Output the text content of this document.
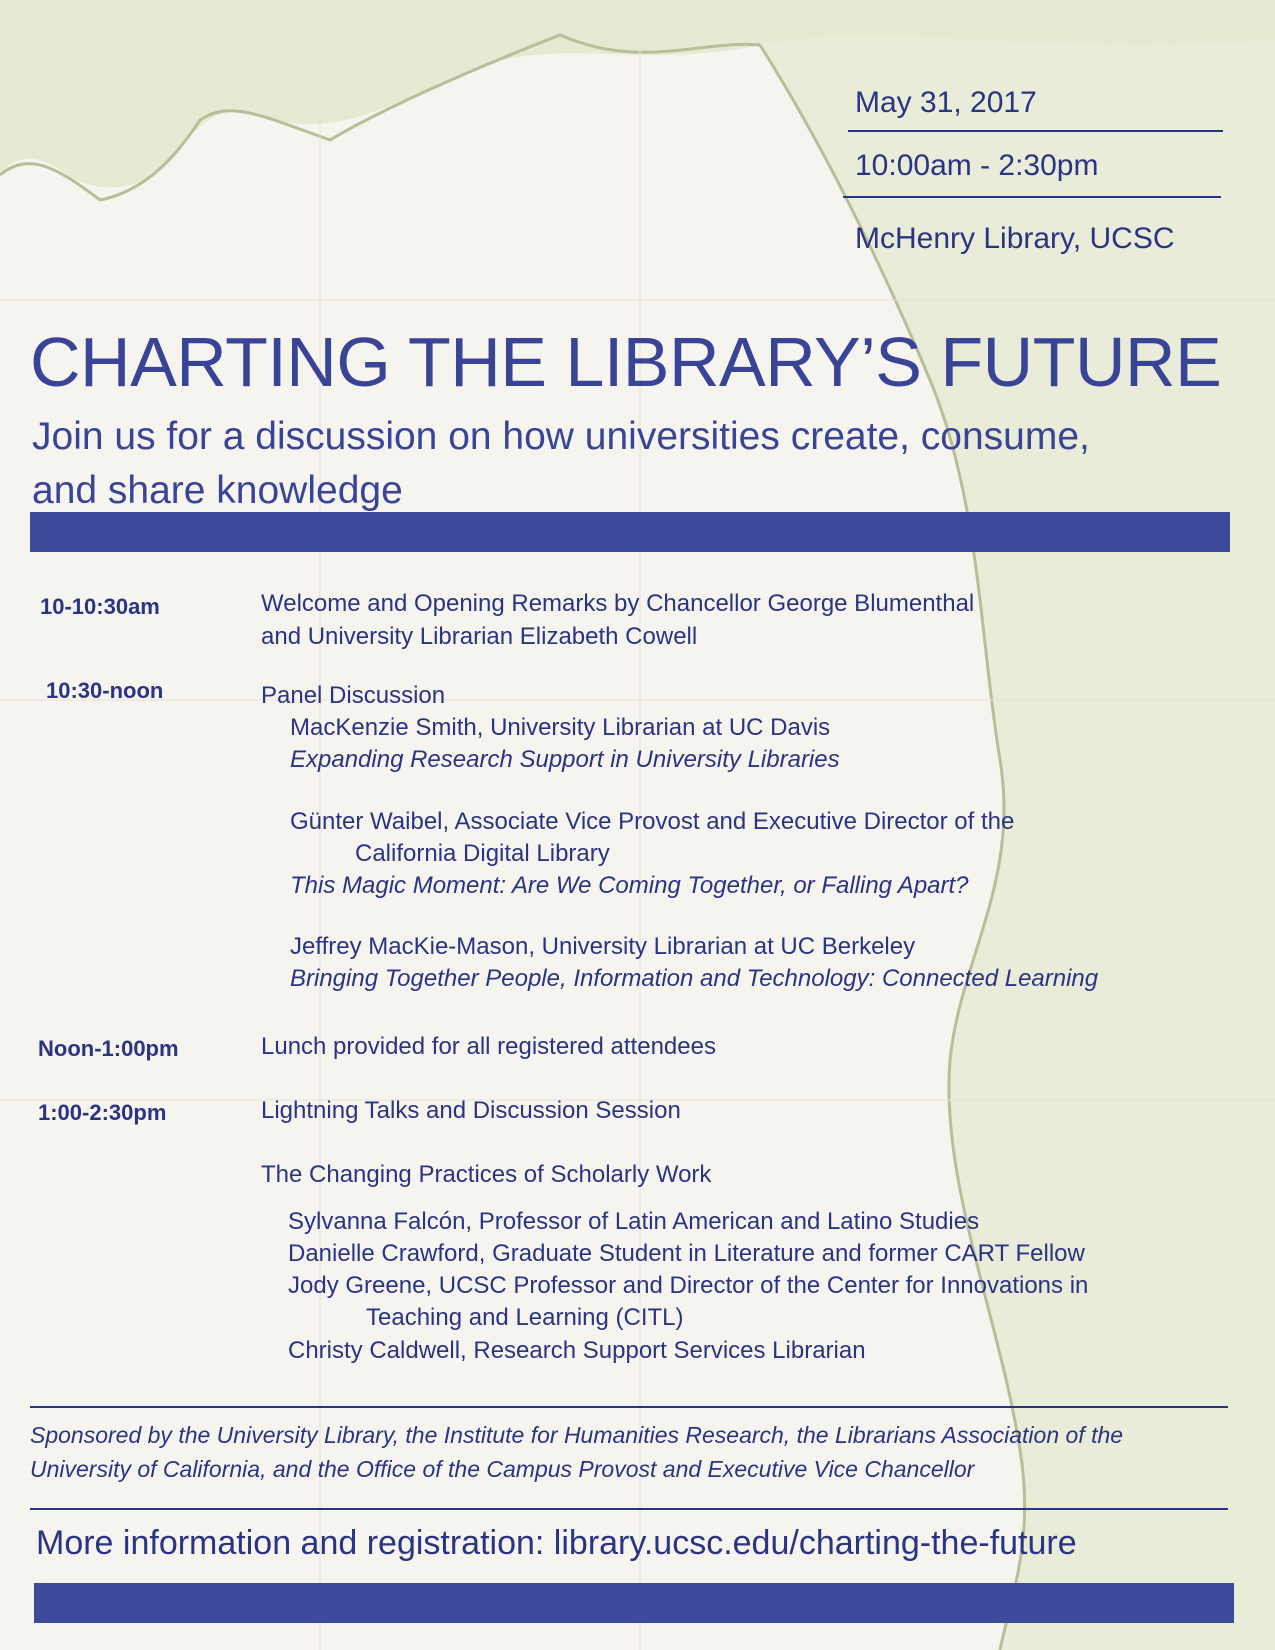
May 31, 2017
10:00am - 2:30pm
McHenry Library, UCSC
CHARTING THE LIBRARY’S FUTURE
Join us for a discussion on how universities create, consume,
and share knowledge
10-10:30am	Welcome and Opening Remarks by Chancellor George Blumenthal
and University Librarian Elizabeth Cowell
10:30-noon	Panel Discussion
MacKenzie Smith, University Librarian at UC Davis
Expanding Research Support in University Libraries
Günter Waibel, Associate Vice Provost and Executive Director of the
California Digital Library
This Magic Moment: Are We Coming Together, or Falling Apart?
Jeffrey MacKie-Mason, University Librarian at UC Berkeley
Bringing Together People, Information and Technology: Connected Learning
Noon-1:00pm	Lunch provided for all registered attendees
1:00-2:30pm	Lightning Talks and Discussion Session
The Changing Practices of Scholarly Work
Sylvanna Falcón, Professor of Latin American and Latino Studies
Danielle Crawford, Graduate Student in Literature and former CART Fellow
Jody Greene, UCSC Professor and Director of the Center for Innovations in
Teaching and Learning (CITL)
Christy Caldwell, Research Support Services Librarian
Sponsored by the University Library, the Institute for Humanities Research, the Librarians Association of the
University of California, and the Office of the Campus Provost and Executive Vice Chancellor
More information and registration: library.ucsc.edu/charting-the-future
